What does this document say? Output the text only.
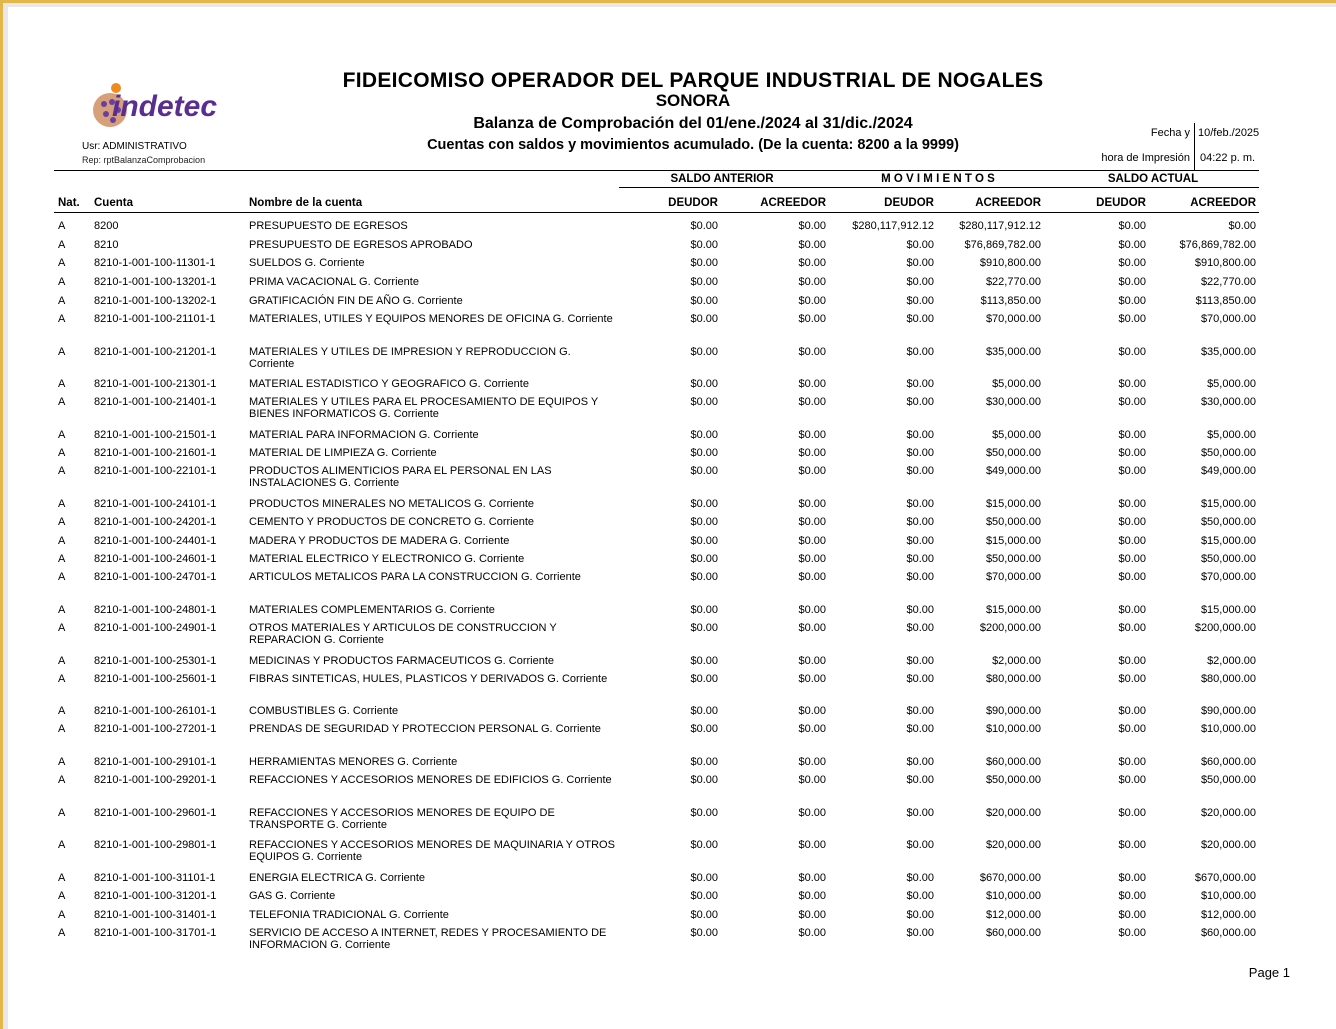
indetec
Usr: ADMINISTRATIVO
Rep: rptBalanzaComprobacion
FIDEICOMISO OPERADOR DEL PARQUE INDUSTRIAL DE NOGALES
SONORA
Balanza de Comprobación del 01/ene./2024 al 31/dic./2024
Cuentas con saldos y movimientos acumulado. (De la cuenta: 8200 a la 9999)
Fecha y 10/feb./2025
hora de Impresión 04:22 p. m.
SALDO ANTERIOR	M O V I M I E N T O S	SALDO ACTUAL
Nat. Cuenta	Nombre de la cuenta	DEUDOR	ACREEDOR	DEUDOR	ACREEDOR	DEUDOR	ACREEDOR
A	8200	PRESUPUESTO DE EGRESOS	$0.00	$0.00	$280,117,912.12	$280,117,912.12	$0.00	$0.00
A	8210	PRESUPUESTO DE EGRESOS APROBADO	$0.00	$0.00	$0.00	$76,869,782.00	$0.00	$76,869,782.00
A	8210-1-001-100-11301-1	SUELDOS G. Corriente	$0.00	$0.00	$0.00	$910,800.00	$0.00	$910,800.00
A	8210-1-001-100-13201-1	PRIMA VACACIONAL G. Corriente	$0.00	$0.00	$0.00	$22,770.00	$0.00	$22,770.00
A	8210-1-001-100-13202-1	GRATIFICACIÓN FIN DE AÑO G. Corriente	$0.00	$0.00	$0.00	$113,850.00	$0.00	$113,850.00
A	8210-1-001-100-21101-1	MATERIALES, UTILES Y EQUIPOS MENORES DE OFICINA G. Corriente	$0.00	$0.00	$0.00	$70,000.00	$0.00	$70,000.00
A	8210-1-001-100-21201-1	MATERIALES Y UTILES DE IMPRESION Y REPRODUCCION G. Corriente
$0.00	$0.00	$0.00	$35,000.00	$0.00	$35,000.00
A	8210-1-001-100-21301-1	MATERIAL ESTADISTICO Y GEOGRAFICO G. Corriente	$0.00	$0.00	$0.00	$5,000.00	$0.00	$5,000.00
A	8210-1-001-100-21401-1	MATERIALES Y UTILES PARA EL PROCESAMIENTO DE EQUIPOS Y BIENES INFORMATICOS G. Corriente
$0.00	$0.00	$0.00	$30,000.00	$0.00	$30,000.00
A	8210-1-001-100-21501-1	MATERIAL PARA INFORMACION G. Corriente	$0.00	$0.00	$0.00	$5,000.00	$0.00	$5,000.00
A	8210-1-001-100-21601-1	MATERIAL DE LIMPIEZA G. Corriente	$0.00	$0.00	$0.00	$50,000.00	$0.00	$50,000.00
A	8210-1-001-100-22101-1	PRODUCTOS ALIMENTICIOS PARA EL PERSONAL EN LAS INSTALACIONES G. Corriente
$0.00	$0.00	$0.00	$49,000.00	$0.00	$49,000.00
A	8210-1-001-100-24101-1	PRODUCTOS MINERALES NO METALICOS G. Corriente	$0.00	$0.00	$0.00	$15,000.00	$0.00	$15,000.00
A	8210-1-001-100-24201-1	CEMENTO Y PRODUCTOS DE CONCRETO G. Corriente	$0.00	$0.00	$0.00	$50,000.00	$0.00	$50,000.00
A	8210-1-001-100-24401-1	MADERA Y PRODUCTOS DE MADERA G. Corriente	$0.00	$0.00	$0.00	$15,000.00	$0.00	$15,000.00
A	8210-1-001-100-24601-1	MATERIAL ELECTRICO Y ELECTRONICO G. Corriente	$0.00	$0.00	$0.00	$50,000.00	$0.00	$50,000.00
A	8210-1-001-100-24701-1	ARTICULOS METALICOS PARA LA CONSTRUCCION G. Corriente	$0.00	$0.00	$0.00	$70,000.00	$0.00	$70,000.00
A	8210-1-001-100-24801-1	MATERIALES COMPLEMENTARIOS G. Corriente	$0.00	$0.00	$0.00	$15,000.00	$0.00	$15,000.00
A	8210-1-001-100-24901-1	OTROS MATERIALES Y ARTICULOS DE CONSTRUCCION Y REPARACION G. Corriente
$0.00	$0.00	$0.00	$200,000.00	$0.00	$200,000.00
A	8210-1-001-100-25301-1	MEDICINAS Y PRODUCTOS FARMACEUTICOS G. Corriente	$0.00	$0.00	$0.00	$2,000.00	$0.00	$2,000.00
A	8210-1-001-100-25601-1	FIBRAS SINTETICAS, HULES, PLASTICOS Y DERIVADOS G. Corriente	$0.00	$0.00	$0.00	$80,000.00	$0.00	$80,000.00
A	8210-1-001-100-26101-1	COMBUSTIBLES G. Corriente	$0.00	$0.00	$0.00	$90,000.00	$0.00	$90,000.00
A	8210-1-001-100-27201-1	PRENDAS DE SEGURIDAD Y PROTECCION PERSONAL G. Corriente	$0.00	$0.00	$0.00	$10,000.00	$0.00	$10,000.00
A	8210-1-001-100-29101-1	HERRAMIENTAS MENORES G. Corriente	$0.00	$0.00	$0.00	$60,000.00	$0.00	$60,000.00
A	8210-1-001-100-29201-1	REFACCIONES Y ACCESORIOS MENORES DE EDIFICIOS G. Corriente	$0.00	$0.00	$0.00	$50,000.00	$0.00	$50,000.00
A	8210-1-001-100-29601-1	REFACCIONES Y ACCESORIOS MENORES DE EQUIPO DE TRANSPORTE G. Corriente
$0.00	$0.00	$0.00	$20,000.00	$0.00	$20,000.00
A	8210-1-001-100-29801-1	REFACCIONES Y ACCESORIOS MENORES DE MAQUINARIA Y OTROS EQUIPOS G. Corriente
$0.00	$0.00	$0.00	$20,000.00	$0.00	$20,000.00
A	8210-1-001-100-31101-1	ENERGIA ELECTRICA G. Corriente	$0.00	$0.00	$0.00	$670,000.00	$0.00	$670,000.00
A	8210-1-001-100-31201-1	GAS G. Corriente	$0.00	$0.00	$0.00	$10,000.00	$0.00	$10,000.00
A	8210-1-001-100-31401-1	TELEFONIA TRADICIONAL G. Corriente	$0.00	$0.00	$0.00	$12,000.00	$0.00	$12,000.00
A	8210-1-001-100-31701-1	SERVICIO DE ACCESO A INTERNET, REDES Y PROCESAMIENTO DE INFORMACION G. Corriente
$0.00	$0.00	$0.00	$60,000.00	$0.00	$60,000.00
Page 1
